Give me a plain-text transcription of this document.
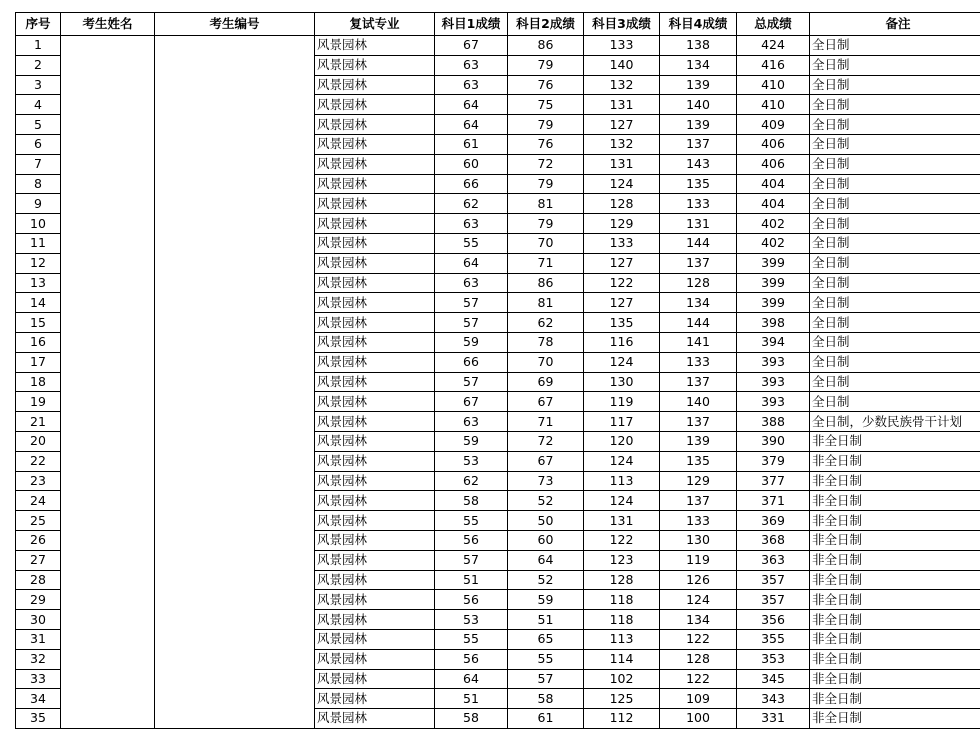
序号	考生姓名	考生编号	复试专业	科目1成绩	科目2成绩	科目3成绩	科目4成绩	总成绩	备注
1			风景园林	67	86	133	138	424	全日制
2			风景园林	63	79	140	134	416	全日制
3			风景园林	63	76	132	139	410	全日制
4			风景园林	64	75	131	140	410	全日制
5			风景园林	64	79	127	139	409	全日制
6			风景园林	61	76	132	137	406	全日制
7			风景园林	60	72	131	143	406	全日制
8			风景园林	66	79	124	135	404	全日制
9			风景园林	62	81	128	133	404	全日制
10			风景园林	63	79	129	131	402	全日制
11			风景园林	55	70	133	144	402	全日制
12			风景园林	64	71	127	137	399	全日制
13			风景园林	63	86	122	128	399	全日制
14			风景园林	57	81	127	134	399	全日制
15			风景园林	57	62	135	144	398	全日制
16			风景园林	59	78	116	141	394	全日制
17			风景园林	66	70	124	133	393	全日制
18			风景园林	57	69	130	137	393	全日制
19			风景园林	67	67	119	140	393	全日制
21			风景园林	63	71	117	137	388	全日制，少数民族骨干计划
20			风景园林	59	72	120	139	390	非全日制
22			风景园林	53	67	124	135	379	非全日制
23			风景园林	62	73	113	129	377	非全日制
24			风景园林	58	52	124	137	371	非全日制
25			风景园林	55	50	131	133	369	非全日制
26			风景园林	56	60	122	130	368	非全日制
27			风景园林	57	64	123	119	363	非全日制
28			风景园林	51	52	128	126	357	非全日制
29			风景园林	56	59	118	124	357	非全日制
30			风景园林	53	51	118	134	356	非全日制
31			风景园林	55	65	113	122	355	非全日制
32			风景园林	56	55	114	128	353	非全日制
33			风景园林	64	57	102	122	345	非全日制
34			风景园林	51	58	125	109	343	非全日制
35			风景园林	58	61	112	100	331	非全日制
